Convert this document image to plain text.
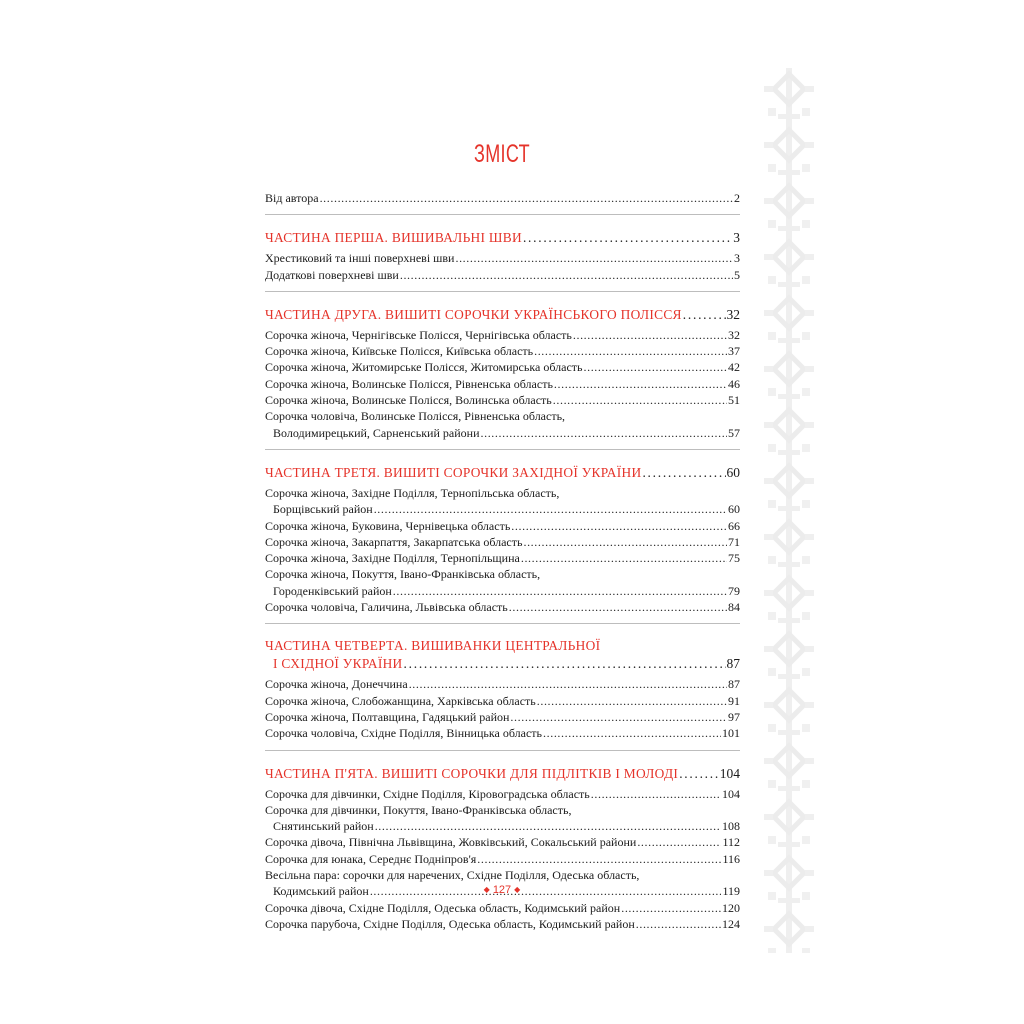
ЗМІСТ
Від автора . . .	2
ЧАСТИНА ПЕРША. ВИШИВАЛЬНІ ШВИ . . .	3
Хрестиковий та інші поверхневі шви . . .	3
Додаткові поверхневі шви . . .	5
ЧАСТИНА ДРУГА. ВИШИТІ СОРОЧКИ УКРАЇНСЬКОГО ПОЛІССЯ . . .	32
Сорочка жіноча, Чернігівське Полісся, Чернігівська область . . .	32
Сорочка жіноча, Київське Полісся, Київська область . . .	37
Сорочка жіноча, Житомирське Полісся, Житомирська область . . .	42
Сорочка жіноча, Волинське Полісся, Рівненська область . . .	46
Сорочка жіноча, Волинське Полісся, Волинська область . . .	51
Сорочка чоловіча, Волинське Полісся, Рівненська область,
Володимирецький, Сарненський райони . . .	57
ЧАСТИНА ТРЕТЯ. ВИШИТІ СОРОЧКИ ЗАХІДНОЇ УКРАЇНИ . . .	60
Сорочка жіноча, Західне Поділля, Тернопільська область,
Борщівський район . . .	60
Сорочка жіноча, Буковина, Чернівецька область . . .	66
Сорочка жіноча, Закарпаття, Закарпатська область . . .	71
Сорочка жіноча, Західне Поділля, Тернопільщина . . .	75
Сорочка жіноча, Покуття, Івано-Франківська область,
Городенківський район . . .	79
Сорочка чоловіча, Галичина, Львівська область . . .	84
ЧАСТИНА ЧЕТВЕРТА. ВИШИВАНКИ ЦЕНТРАЛЬНОЇ
І СХІДНОЇ УКРАЇНИ . . .	87
Сорочка жіноча, Донеччина . . .	87
Сорочка жіноча, Слобожанщина, Харківська область . . .	91
Сорочка жіноча, Полтавщина, Гадяцький район . . .	97
Сорочка чоловіча, Східне Поділля, Вінницька область . . .	101
ЧАСТИНА П'ЯТА. ВИШИТІ СОРОЧКИ ДЛЯ ПІДЛІТКІВ І МОЛОДІ . . .	104
Сорочка для дівчинки, Східне Поділля, Кіровоградська область . . .	104
Сорочка для дівчинки, Покуття, Івано-Франківська область,
Снятинський район . . .	108
Сорочка дівоча, Північна Львівщина, Жовківський, Сокальський райони . . .	112
Сорочка для юнака, Середнє Подніпров'я . . .	116
Весільна пара: сорочки для наречених, Східне Поділля, Одеська область,
Кодимський район . . .	119
Сорочка дівоча, Східне Поділля, Одеська область, Кодимський район . . .	120
Сорочка парубоча, Східне Поділля, Одеська область, Кодимський район . . .	124
◆ 127 ◆
